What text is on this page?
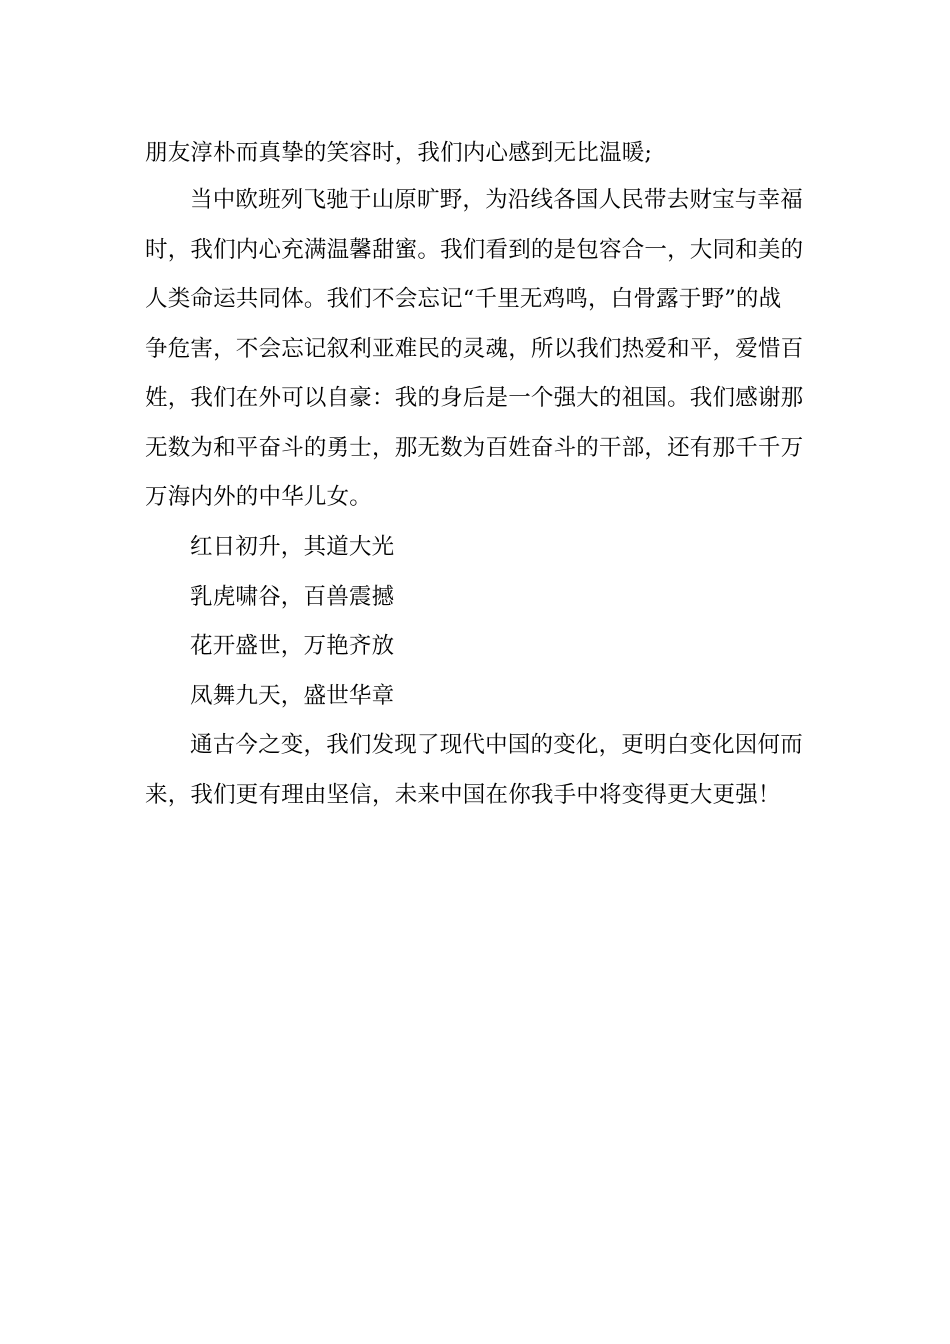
朋友淳朴而真挚的笑容时，我们内心感到无比温暖;
当中欧班列飞驰于山原旷野，为沿线各国人民带去财宝与幸福
时，我们内心充满温馨甜蜜。我们看到的是包容合一，大同和美的
人类命运共同体。我们不会忘记“千里无鸡鸣，白骨露于野”的战
争危害，不会忘记叙利亚难民的灵魂，所以我们热爱和平，爱惜百
姓，我们在外可以自豪：我的身后是一个强大的祖国。我们感谢那
无数为和平奋斗的勇士，那无数为百姓奋斗的干部，还有那千千万
万海内外的中华儿女。
红日初升，其道大光
乳虎啸谷，百兽震撼
花开盛世，万艳齐放
凤舞九天，盛世华章
通古今之变，我们发现了现代中国的变化，更明白变化因何而
来，我们更有理由坚信，未来中国在你我手中将变得更大更强！
